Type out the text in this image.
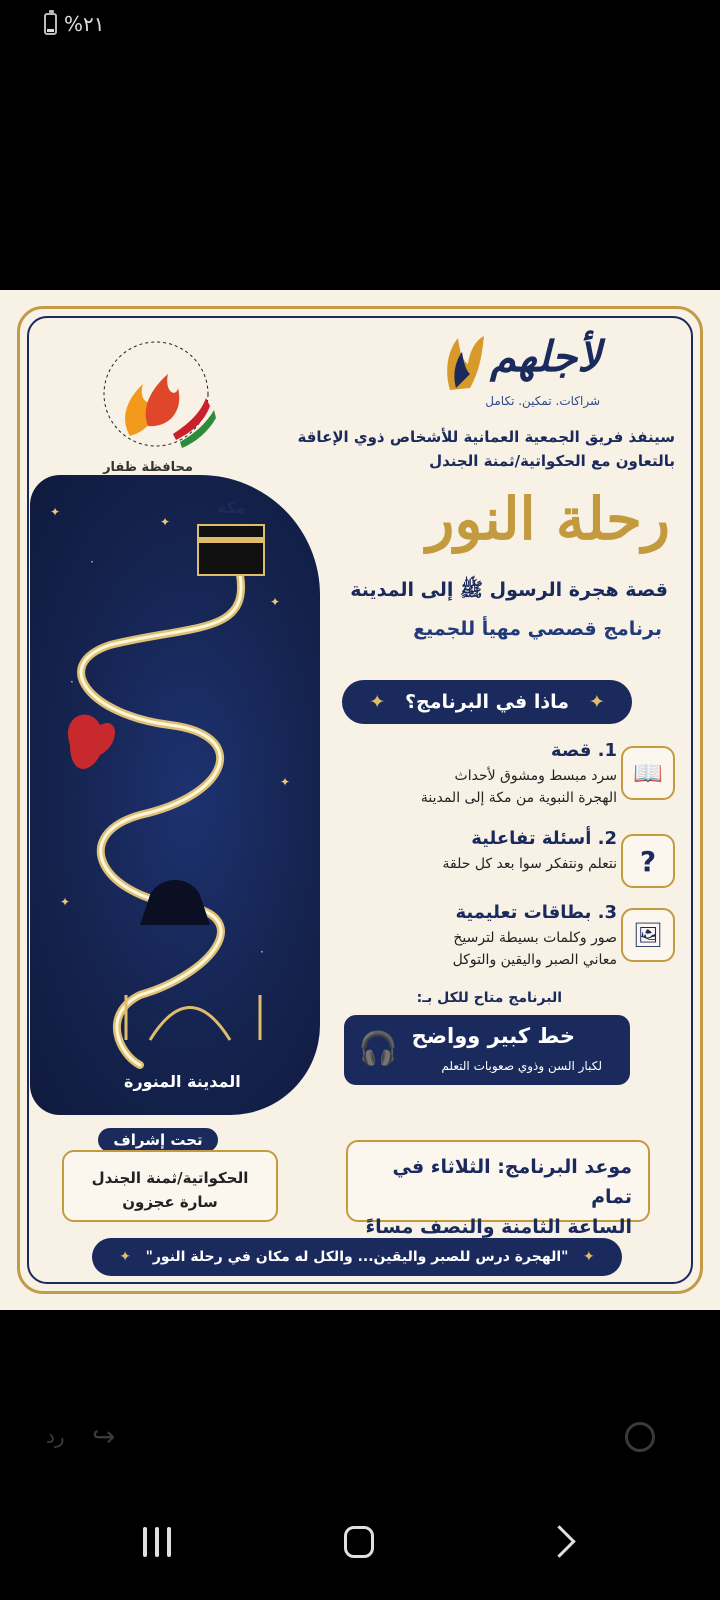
%٢١
محافظة ظفار
لأجلهم
شراكات. تمكين. تكامل
سينفذ فريق الجمعية العمانية للأشخاص ذوي الإعاقة
بالتعاون مع الحكواتية/ثمنة الجندل
رحلة النور
قصة هجرة الرسول ﷺ إلى المدينة
برنامج قصصي مهيأ للجميع
✦
·
✦
✦
·
✦
✦
·
مكة
المدينة المنورة
✦   ماذا في البرنامج؟   ✦
📖
1. قصة
سرد مبسط ومشوق لأحداث الهجرة النبوية من مكة إلى المدينة
?
2. أسئلة تفاعلية
نتعلم ونتفكر سوا بعد كل حلقة
🖼
3. بطاقات تعليمية
صور وكلمات بسيطة لترسيخ معاني الصبر واليقين والتوكل
البرنامج متاح للكل بـ:
🎧 خط كبير وواضح
لكبار السن وذوي صعوبات التعلم
تحت إشراف
الحكواتية/ثمنة الجندل
سارة عجزون
موعد البرنامج: الثلاثاء في تمام
الساعة الثامنة والنصف مساءً
✦   "الهجرة درس للصبر واليقين... والكل له مكان في رحلة النور"   ✦
رد ↪
